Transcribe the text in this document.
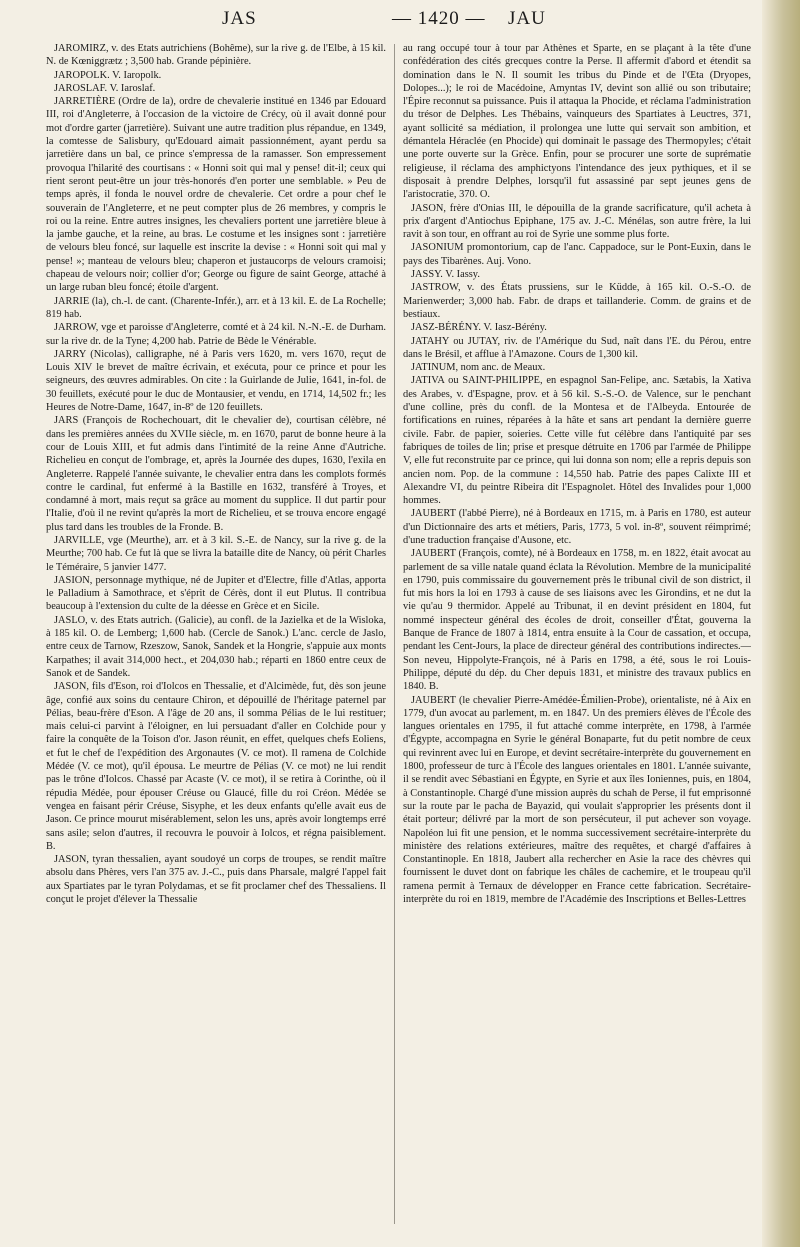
JAS	— 1420 — JAU

JAROMIRZ, v. des Etats autrichiens (Bohême), sur la rive g. de l'Elbe, à 15 kil. N. de Kœniggrætz ; 3,500 hab. Grande pépinière.

JAROPOLK. V. Iaropolk.

JAROSLAF. V. Iaroslaf.

JARRETIÈRE (Ordre de la), ordre de chevalerie institué en 1346 par Edouard III, roi d'Angleterre, à l'occasion de la victoire de Crécy, où il avait donné pour mot d'ordre garter (jarretière). Suivant une autre tradition plus répandue, en 1349, la comtesse de Salisbury, qu'Edouard aimait passionnément, ayant perdu sa jarretière dans un bal, ce prince s'empressa de la ramasser. Son empressement provoqua l'hilarité des courtisans : « Honni soit qui mal y pense! dit-il; ceux qui rient seront peut-être un jour très-honorés d'en porter une semblable. » Peu de temps après, il fonda le nouvel ordre de chevalerie. Cet ordre a pour chef le souverain de l'Angleterre, et ne peut compter plus de 26 membres, y compris le roi ou la reine. Entre autres insignes, les chevaliers portent une jarretière bleue à la jambe gauche, et la reine, au bras. Le costume et les insignes sont : jarretière de velours bleu foncé, sur laquelle est inscrite la devise : « Honni soit qui mal y pense! »; manteau de velours bleu; chaperon et justaucorps de velours cramoisi; chapeau de velours noir; collier d'or; George ou figure de saint George, attaché à un large ruban bleu foncé; étoile d'argent.

JARRIE (la), ch.-l. de cant. (Charente-Infér.), arr. et à 13 kil. E. de La Rochelle; 819 hab.

JARROW, vge et paroisse d'Angleterre, comté et à 24 kil. N.-N.-E. de Durham. sur la rive dr. de la Tyne; 4,200 hab. Patrie de Bède le Vénérable.

JARRY (Nicolas), calligraphe, né à Paris vers 1620, m. vers 1670, reçut de Louis XIV le brevet de maître écrivain, et exécuta, pour ce prince et pour les seigneurs, des œuvres admirables. On cite : la Guirlande de Julie, 1641, in-fol. de 30 feuillets, exécuté pour le duc de Montausier, et vendu, en 1714, 14,502 fr.; les Heures de Notre-Dame, 1647, in-8º de 120 feuillets.

JARS (François de Rochechouart, dit le chevalier de), courtisan célèbre, né dans les premières années du XVIIe siècle, m. en 1670, parut de bonne heure à la cour de Louis XIII, et fut admis dans l'intimité de la reine Anne d'Autriche. Richelieu en conçut de l'ombrage, et, après la Journée des dupes, 1630, l'exila en Angleterre. Rappelé l'année suivante, le chevalier entra dans les complots formés contre le cardinal, fut enfermé à la Bastille en 1632, transféré à Troyes, et condamné à mort, mais reçut sa grâce au moment du supplice. Il dut partir pour l'Italie, d'où il ne revint qu'après la mort de Richelieu, et se trouva encore engagé plus tard dans les troubles de la Fronde. B.

JARVILLE, vge (Meurthe), arr. et à 3 kil. S.-E. de Nancy, sur la rive g. de la Meurthe; 700 hab. Ce fut là que se livra la bataille dite de Nancy, où périt Charles le Téméraire, 5 janvier 1477.

JASION, personnage mythique, né de Jupiter et d'Electre, fille d'Atlas, apporta le Palladium à Samothrace, et s'éprit de Cérès, dont il eut Plutus. Il contribua beaucoup à l'extension du culte de la déesse en Grèce et en Sicile.

JASLO, v. des Etats autrich. (Galicie), au confl. de la Jazielka et de la Wisloka, à 185 kil. O. de Lemberg; 1,600 hab. (Cercle de Sanok.) L'anc. cercle de Jaslo, entre ceux de Tarnow, Rzeszow, Sanok, Sandek et la Hongrie, s'appuie aux monts Karpathes; il avait 314,000 hect., et 204,030 hab.; réparti en 1860 entre ceux de Sanok et de Sandek.

JASON, fils d'Eson, roi d'Iolcos en Thessalie, et d'Alcimède, fut, dès son jeune âge, confié aux soins du centaure Chiron, et dépouillé de l'héritage paternel par Pélias, beau-frère d'Eson. A l'âge de 20 ans, il somma Pélias de le lui restituer; mais celui-ci parvint à l'éloigner, en lui persuadant d'aller en Colchide pour y faire la conquête de la Toison d'or. Jason réunit, en effet, quelques chefs Eoliens, et fut le chef de l'expédition des Argonautes (V. ce mot). Il ramena de Colchide Médée (V. ce mot), qu'il épousa. Le meurtre de Pélias (V. ce mot) ne lui rendit pas le trône d'Iolcos. Chassé par Acaste (V. ce mot), il se retira à Corinthe, où il répudia Médée, pour épouser Créuse ou Glaucé, fille du roi Créon. Médée se vengea en faisant périr Créuse, Sisyphe, et les deux enfants qu'elle avait eus de Jason. Ce prince mourut misérablement, selon les uns, après avoir longtemps erré sans asile; selon d'autres, il recouvra le pouvoir à Iolcos, et régna paisiblement. B.

JASON, tyran thessalien, ayant soudoyé un corps de troupes, se rendit maître absolu dans Phères, vers l'an 375 av. J.-C., puis dans Pharsale, malgré l'appel fait aux Spartiates par le tyran Polydamas, et se fit proclamer chef des Thessaliens. Il conçut le projet d'élever la Thessalie

au rang occupé tour à tour par Athènes et Sparte, en se plaçant à la tête d'une confédération des cités grecques contre la Perse. Il affermit d'abord et étendit sa domination dans le N. Il soumit les tribus du Pinde et de l'Œta (Dryopes, Dolopes...); le roi de Macédoine, Amyntas IV, devint son allié ou son tributaire; l'Épire reconnut sa puissance. Puis il attaqua la Phocide, et réclama l'administration du trésor de Delphes. Les Thébains, vainqueurs des Spartiates à Leuctres, 371, ayant sollicité sa médiation, il prolongea une lutte qui servait son ambition, et démantela Héraclée (en Phocide) qui dominait le passage des Thermopyles; c'était une porte ouverte sur la Grèce. Enfin, pour se procurer une sorte de suprématie religieuse, il réclama des amphictyons l'intendance des jeux pythiques, et il se disposait à prendre Delphes, lorsqu'il fut assassiné par sept jeunes gens de l'aristocratie, 370. O.

JASON, frère d'Onias III, le dépouilla de la grande sacrificature, qu'il acheta à prix d'argent d'Antiochus Epiphane, 175 av. J.-C. Ménélas, son autre frère, la lui ravit à son tour, en offrant au roi de Syrie une somme plus forte.

JASONIUM promontorium, cap de l'anc. Cappadoce, sur le Pont-Euxin, dans le pays des Tibarènes. Auj. Vono.

JASSY. V. Iassy.

JASTROW, v. des États prussiens, sur le Küdde, à 165 kil. O.-S.-O. de Marienwerder; 3,000 hab. Fabr. de draps et taillanderie. Comm. de grains et de bestiaux.

JASZ-BÉRÉNY. V. Iasz-Bérény.

JATAHY ou JUTAY, riv. de l'Amérique du Sud, naît dans l'E. du Pérou, entre dans le Brésil, et afflue à l'Amazone. Cours de 1,300 kil.

JATINUM, nom anc. de Meaux.

JATIVA ou SAINT-PHILIPPE, en espagnol San-Felipe, anc. Sætabis, la Xativa des Arabes, v. d'Espagne, prov. et à 56 kil. S.-S.-O. de Valence, sur le penchant d'une colline, près du confl. de la Montesa et de l'Albeyda. Entourée de fortifications en ruines, réparées à la hâte et sans art pendant la dernière guerre civile. Fabr. de papier, soieries. Cette ville fut célèbre dans l'antiquité par ses fabriques de toiles de lin; prise et presque détruite en 1706 par l'armée de Philippe V, elle fut reconstruite par ce prince, qui lui donna son nom; elle a repris depuis son ancien nom. Pop. de la commune : 14,550 hab. Patrie des papes Calixte III et Alexandre VI, du peintre Ribeira dit l'Espagnolet. Hôtel des Invalides pour 1,000 hommes.

JAUBERT (l'abbé Pierre), né à Bordeaux en 1715, m. à Paris en 1780, est auteur d'un Dictionnaire des arts et métiers, Paris, 1773, 5 vol. in-8º, souvent réimprimé; d'une traduction française d'Ausone, etc.

JAUBERT (François, comte), né à Bordeaux en 1758, m. en 1822, était avocat au parlement de sa ville natale quand éclata la Révolution. Membre de la municipalité en 1790, puis commissaire du gouvernement près le tribunal civil de son district, il fut mis hors la loi en 1793 à cause de ses liaisons avec les Girondins, et ne dut la vie qu'au 9 thermidor. Appelé au Tribunat, il en devint président en 1804, fut nommé inspecteur général des écoles de droit, conseiller d'État, gouverna la Banque de France de 1807 à 1814, entra ensuite à la Cour de cassation, et occupa, pendant les Cent-Jours, la place de directeur général des contributions indirectes.—Son neveu, Hippolyte-François, né à Paris en 1798, a été, sous le roi Louis-Philippe, député du dép. du Cher depuis 1831, et ministre des travaux publics en 1840. B.

JAUBERT (le chevalier Pierre-Amédée-Émilien-Probe), orientaliste, né à Aix en 1779, d'un avocat au parlement, m. en 1847. Un des premiers élèves de l'École des langues orientales en 1795, il fut attaché comme interprète, en 1798, à l'armée d'Égypte, accompagna en Syrie le général Bonaparte, fut du petit nombre de ceux qui revinrent avec lui en Europe, et devint secrétaire-interprète du gouvernement en 1800, professeur de turc à l'École des langues orientales en 1801. L'année suivante, il se rendit avec Sébastiani en Égypte, en Syrie et aux îles Ioniennes, puis, en 1804, à Constantinople. Chargé d'une mission auprès du schah de Perse, il fut emprisonné sur la route par le pacha de Bayazid, qui voulait s'approprier les présents dont il était porteur; délivré par la mort de son persécuteur, il put achever son voyage. Napoléon lui fit une pension, et le nomma successivement secrétaire-interprète du ministère des relations extérieures, maître des requêtes, et chargé d'affaires à Constantinople. En 1818, Jaubert alla rechercher en Asie la race des chèvres qui fournissent le duvet dont on fabrique les châles de cachemire, et le troupeau qu'il ramena permit à Ternaux de développer en France cette fabrication. Secrétaire-interprète du roi en 1819, membre de l'Académie des Inscriptions et Belles-Lettres
